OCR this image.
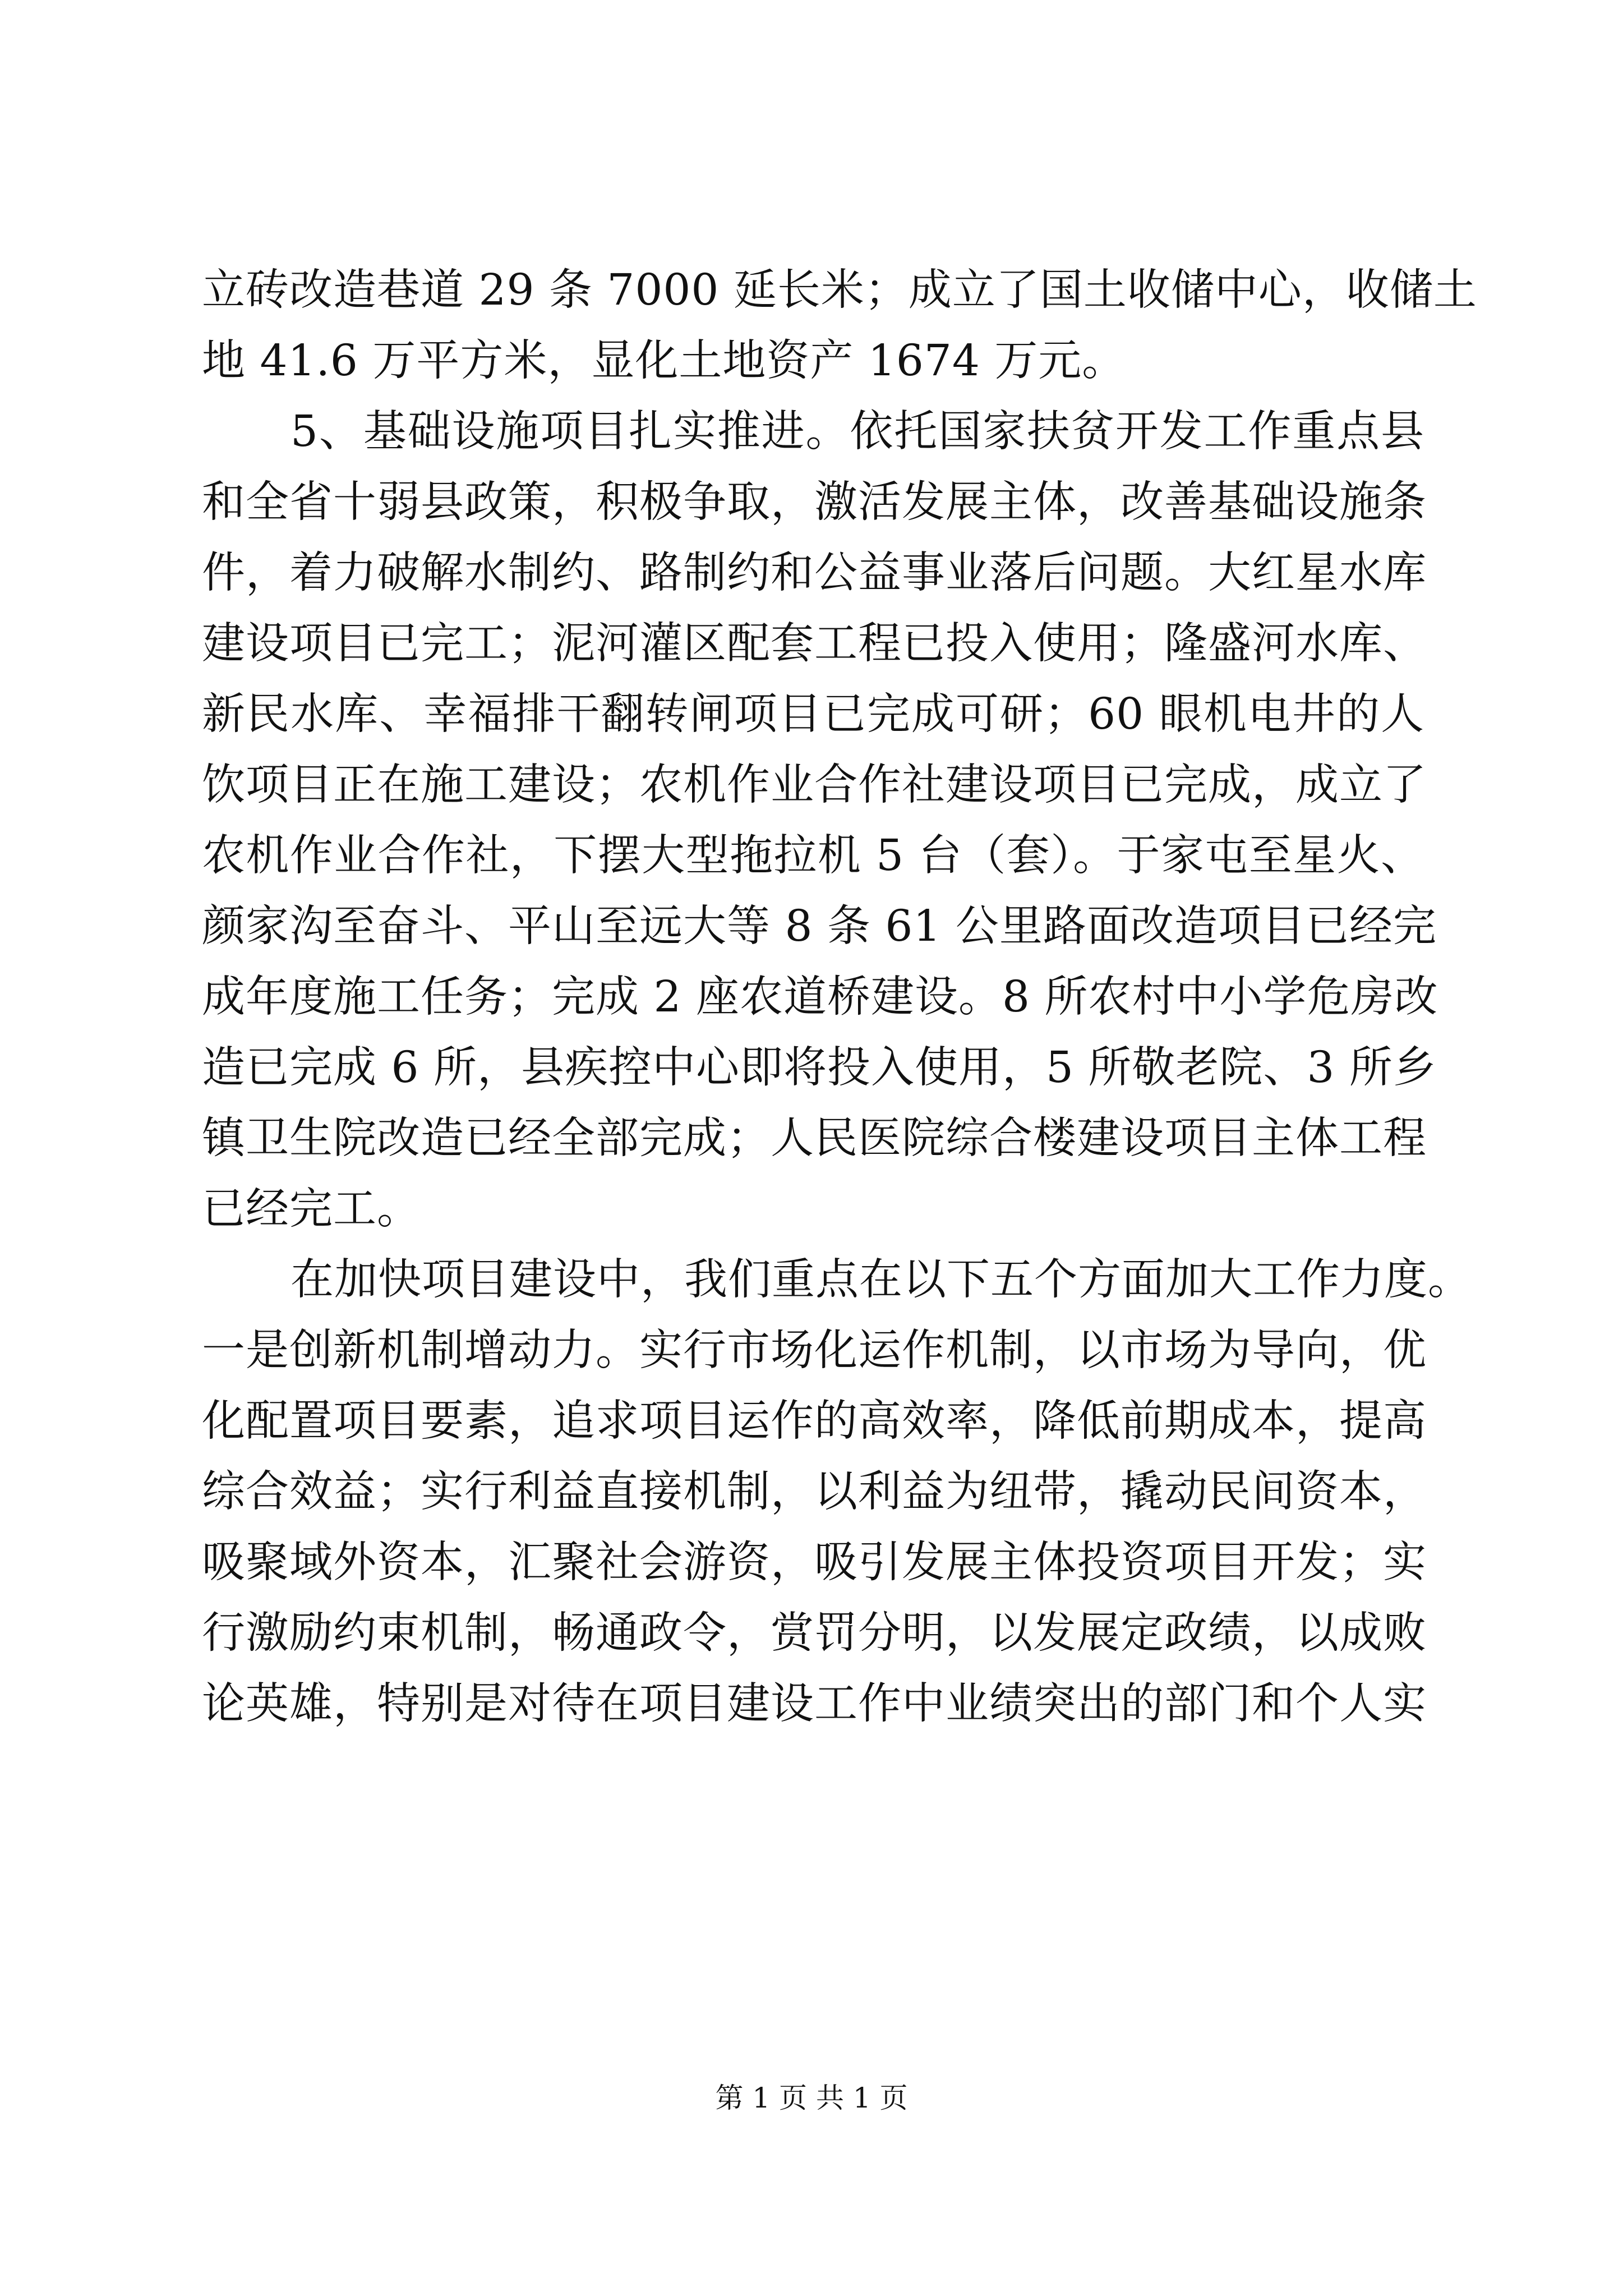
立砖改造巷道 29 条 7000 延长米；成立了国土收储中心，收储土
地 41.6 万平方米，显化土地资产 1674 万元。

5、基础设施项目扎实推进。依托国家扶贫开发工作重点县
和全省十弱县政策，积极争取，激活发展主体，改善基础设施条
件，着力破解水制约、路制约和公益事业落后问题。大红星水库
建设项目已完工；泥河灌区配套工程已投入使用；隆盛河水库、
新民水库、幸福排干翻转闸项目已完成可研；60 眼机电井的人
饮项目正在施工建设；农机作业合作社建设项目已完成，成立了
农机作业合作社，下摆大型拖拉机 5 台（套）。于家屯至星火、
颜家沟至奋斗、平山至远大等 8 条 61 公里路面改造项目已经完
成年度施工任务；完成 2 座农道桥建设。8 所农村中小学危房改
造已完成 6 所，县疾控中心即将投入使用，5 所敬老院、3 所乡
镇卫生院改造已经全部完成；人民医院综合楼建设项目主体工程
已经完工。

在加快项目建设中，我们重点在以下五个方面加大工作力度。
一是创新机制增动力。实行市场化运作机制，以市场为导向，优
化配置项目要素，追求项目运作的高效率，降低前期成本，提高
综合效益；实行利益直接机制，以利益为纽带，撬动民间资本，
吸聚域外资本，汇聚社会游资，吸引发展主体投资项目开发；实
行激励约束机制，畅通政令，赏罚分明，以发展定政绩，以成败
论英雄，特别是对待在项目建设工作中业绩突出的部门和个人实

第 1 页 共 1 页
